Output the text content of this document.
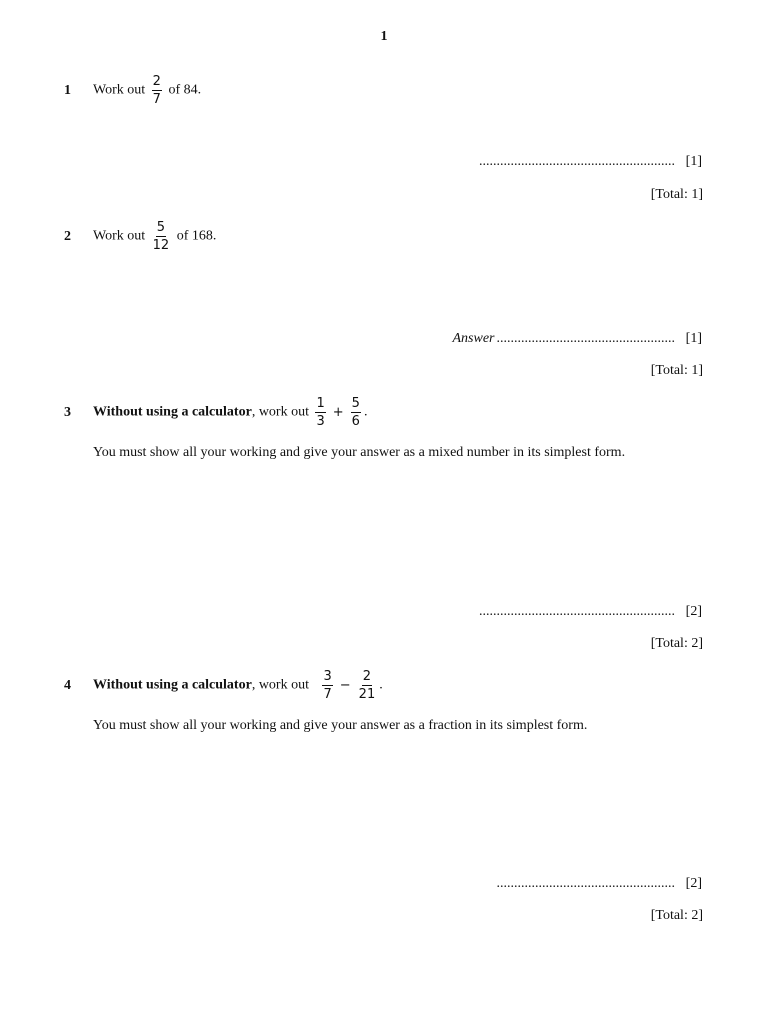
1
1 Work out $\frac{2}{7}$ of 84.
........................................................ [1]
[Total: 1]
2 Work out $\frac{5}{12}$ of 168.
Answer ................................................... [1]
[Total: 1]
3 Without using a calculator, work out $\frac{1}{3} + \frac{5}{6}$ .
You must show all your working and give your answer as a mixed number in its simplest form.
........................................................ [2]
[Total: 2]
4 Without using a calculator, work out $\frac{3}{7} - \frac{2}{21}$ .
You must show all your working and give your answer as a fraction in its simplest form.
................................................... [2]
[Total: 2]
